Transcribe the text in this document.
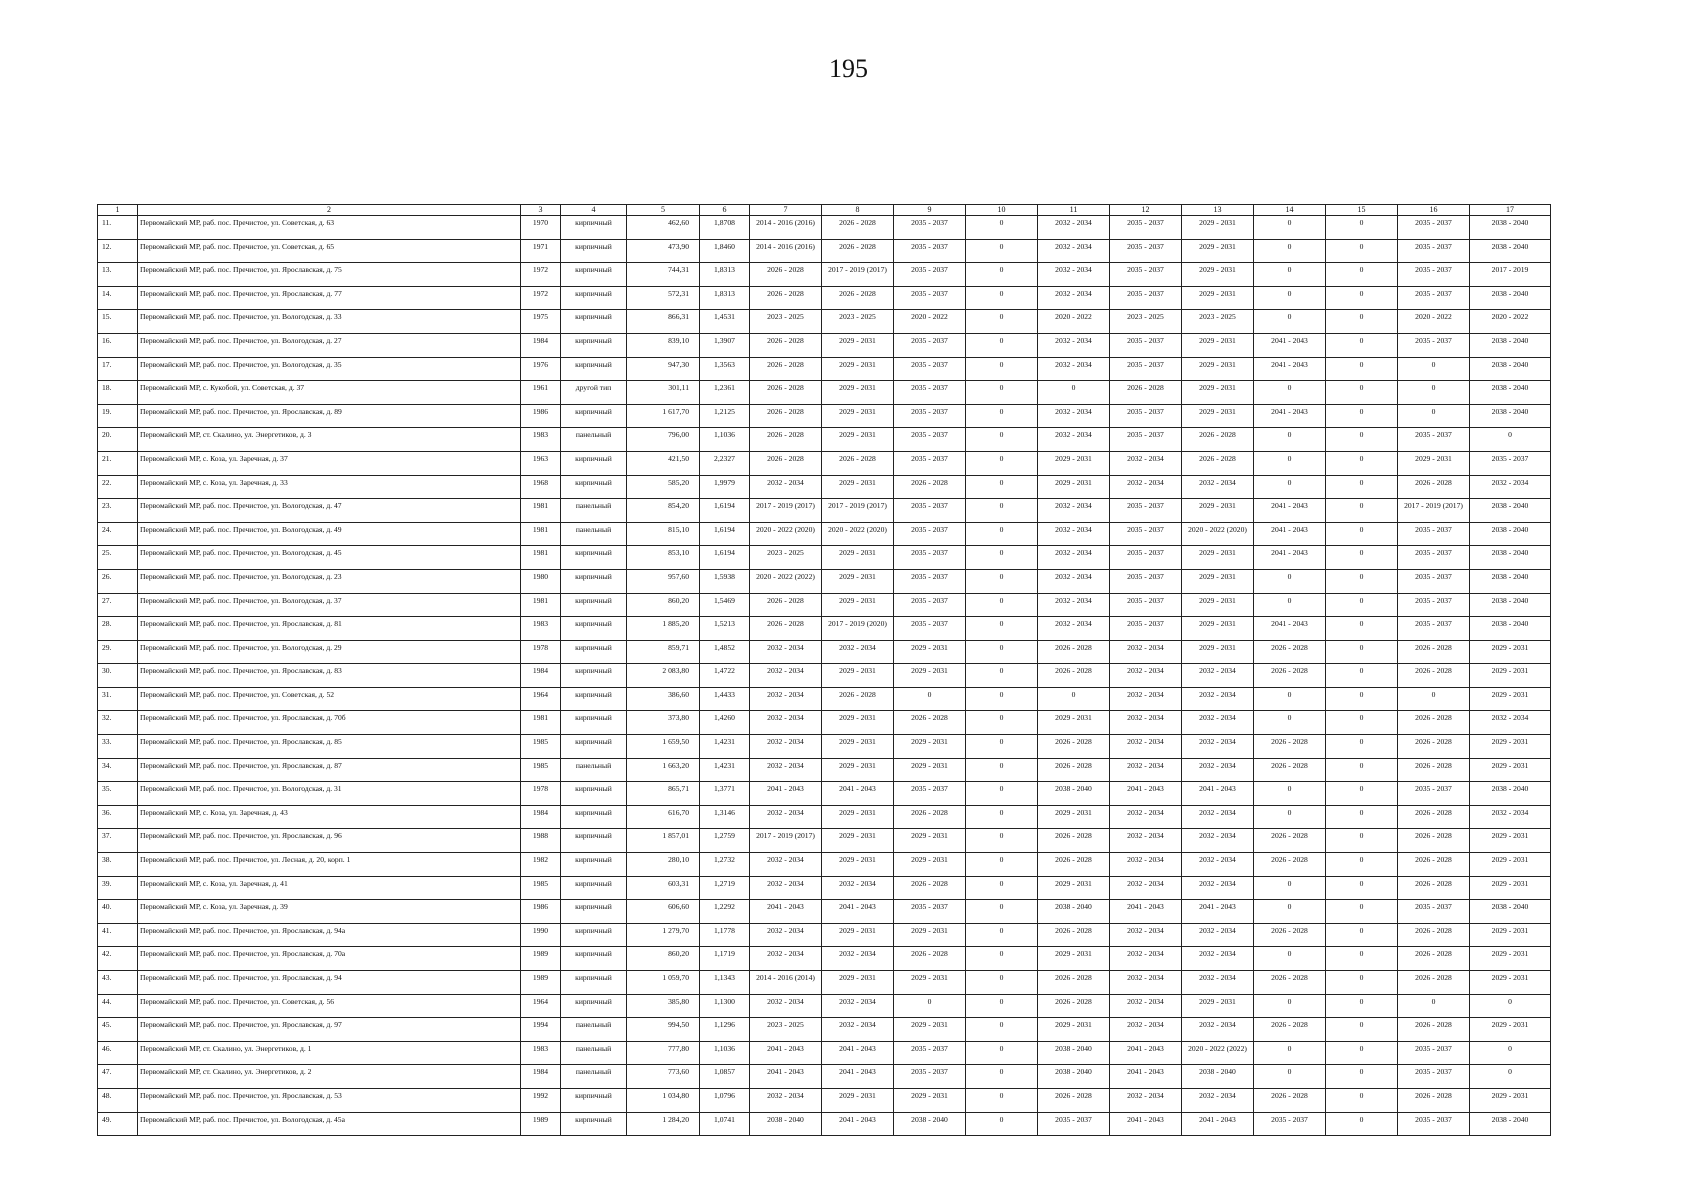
195
1	2	3	4	5	6	7	8	9	10	11	12	13	14	15	16	17
11.	Первомайский МР, раб. пос. Пречистое, ул. Советская, д. 63	1970	кирпичный	462,60	1,8708	2014 - 2016 (2016)	2026 - 2028	2035 - 2037	0	2032 - 2034	2035 - 2037	2029 - 2031	0	0	2035 - 2037	2038 - 2040
12.	Первомайский МР, раб. пос. Пречистое, ул. Советская, д. 65	1971	кирпичный	473,90	1,8460	2014 - 2016 (2016)	2026 - 2028	2035 - 2037	0	2032 - 2034	2035 - 2037	2029 - 2031	0	0	2035 - 2037	2038 - 2040
13.	Первомайский МР, раб. пос. Пречистое, ул. Ярославская, д. 75	1972	кирпичный	744,31	1,8313	2026 - 2028	2017 - 2019 (2017)	2035 - 2037	0	2032 - 2034	2035 - 2037	2029 - 2031	0	0	2035 - 2037	2017 - 2019
14.	Первомайский МР, раб. пос. Пречистое, ул. Ярославская, д. 77	1972	кирпичный	572,31	1,8313	2026 - 2028	2026 - 2028	2035 - 2037	0	2032 - 2034	2035 - 2037	2029 - 2031	0	0	2035 - 2037	2038 - 2040
15.	Первомайский МР, раб. пос. Пречистое, ул. Вологодская, д. 33	1975	кирпичный	866,31	1,4531	2023 - 2025	2023 - 2025	2020 - 2022	0	2020 - 2022	2023 - 2025	2023 - 2025	0	0	2020 - 2022	2020 - 2022
16.	Первомайский МР, раб. пос. Пречистое, ул. Вологодская, д. 27	1984	кирпичный	839,10	1,3907	2026 - 2028	2029 - 2031	2035 - 2037	0	2032 - 2034	2035 - 2037	2029 - 2031	2041 - 2043	0	2035 - 2037	2038 - 2040
17.	Первомайский МР, раб. пос. Пречистое, ул. Вологодская, д. 35	1976	кирпичный	947,30	1,3563	2026 - 2028	2029 - 2031	2035 - 2037	0	2032 - 2034	2035 - 2037	2029 - 2031	2041 - 2043	0	0	2038 - 2040
18.	Первомайский МР, с. Кукобой, ул. Советская, д. 37	1961	другой тип	301,11	1,2361	2026 - 2028	2029 - 2031	2035 - 2037	0	0	2026 - 2028	2029 - 2031	0	0	0	2038 - 2040
19.	Первомайский МР, раб. пос. Пречистое, ул. Ярославская, д. 89	1986	кирпичный	1 617,70	1,2125	2026 - 2028	2029 - 2031	2035 - 2037	0	2032 - 2034	2035 - 2037	2029 - 2031	2041 - 2043	0	0	2038 - 2040
20.	Первомайский МР, ст. Скалино, ул. Энергетиков, д. 3	1983	панельный	796,00	1,1036	2026 - 2028	2029 - 2031	2035 - 2037	0	2032 - 2034	2035 - 2037	2026 - 2028	0	0	2035 - 2037	0
21.	Первомайский МР, с. Коза, ул. Заречная, д. 37	1963	кирпичный	421,50	2,2327	2026 - 2028	2026 - 2028	2035 - 2037	0	2029 - 2031	2032 - 2034	2026 - 2028	0	0	2029 - 2031	2035 - 2037
22.	Первомайский МР, с. Коза, ул. Заречная, д. 33	1968	кирпичный	585,20	1,9979	2032 - 2034	2029 - 2031	2026 - 2028	0	2029 - 2031	2032 - 2034	2032 - 2034	0	0	2026 - 2028	2032 - 2034
23.	Первомайский МР, раб. пос. Пречистое, ул. Вологодская, д. 47	1981	панельный	854,20	1,6194	2017 - 2019 (2017)	2017 - 2019 (2017)	2035 - 2037	0	2032 - 2034	2035 - 2037	2029 - 2031	2041 - 2043	0	2017 - 2019 (2017)	2038 - 2040
24.	Первомайский МР, раб. пос. Пречистое, ул. Вологодская, д. 49	1981	панельный	815,10	1,6194	2020 - 2022 (2020)	2020 - 2022 (2020)	2035 - 2037	0	2032 - 2034	2035 - 2037	2020 - 2022 (2020)	2041 - 2043	0	2035 - 2037	2038 - 2040
25.	Первомайский МР, раб. пос. Пречистое, ул. Вологодская, д. 45	1981	кирпичный	853,10	1,6194	2023 - 2025	2029 - 2031	2035 - 2037	0	2032 - 2034	2035 - 2037	2029 - 2031	2041 - 2043	0	2035 - 2037	2038 - 2040
26.	Первомайский МР, раб. пос. Пречистое, ул. Вологодская, д. 23	1980	кирпичный	957,60	1,5938	2020 - 2022 (2022)	2029 - 2031	2035 - 2037	0	2032 - 2034	2035 - 2037	2029 - 2031	0	0	2035 - 2037	2038 - 2040
27.	Первомайский МР, раб. пос. Пречистое, ул. Вологодская, д. 37	1981	кирпичный	860,20	1,5469	2026 - 2028	2029 - 2031	2035 - 2037	0	2032 - 2034	2035 - 2037	2029 - 2031	0	0	2035 - 2037	2038 - 2040
28.	Первомайский МР, раб. пос. Пречистое, ул. Ярославская, д. 81	1983	кирпичный	1 885,20	1,5213	2026 - 2028	2017 - 2019 (2020)	2035 - 2037	0	2032 - 2034	2035 - 2037	2029 - 2031	2041 - 2043	0	2035 - 2037	2038 - 2040
29.	Первомайский МР, раб. пос. Пречистое, ул. Вологодская, д. 29	1978	кирпичный	859,71	1,4852	2032 - 2034	2032 - 2034	2029 - 2031	0	2026 - 2028	2032 - 2034	2029 - 2031	2026 - 2028	0	2026 - 2028	2029 - 2031
30.	Первомайский МР, раб. пос. Пречистое, ул. Ярославская, д. 83	1984	кирпичный	2 083,80	1,4722	2032 - 2034	2029 - 2031	2029 - 2031	0	2026 - 2028	2032 - 2034	2032 - 2034	2026 - 2028	0	2026 - 2028	2029 - 2031
31.	Первомайский МР, раб. пос. Пречистое, ул. Советская, д. 52	1964	кирпичный	386,60	1,4433	2032 - 2034	2026 - 2028	0	0	0	2032 - 2034	2032 - 2034	0	0	0	2029 - 2031
32.	Первомайский МР, раб. пос. Пречистое, ул. Ярославская, д. 70б	1981	кирпичный	373,80	1,4260	2032 - 2034	2029 - 2031	2026 - 2028	0	2029 - 2031	2032 - 2034	2032 - 2034	0	0	2026 - 2028	2032 - 2034
33.	Первомайский МР, раб. пос. Пречистое, ул. Ярославская, д. 85	1985	кирпичный	1 659,50	1,4231	2032 - 2034	2029 - 2031	2029 - 2031	0	2026 - 2028	2032 - 2034	2032 - 2034	2026 - 2028	0	2026 - 2028	2029 - 2031
34.	Первомайский МР, раб. пос. Пречистое, ул. Ярославская, д. 87	1985	панельный	1 663,20	1,4231	2032 - 2034	2029 - 2031	2029 - 2031	0	2026 - 2028	2032 - 2034	2032 - 2034	2026 - 2028	0	2026 - 2028	2029 - 2031
35.	Первомайский МР, раб. пос. Пречистое, ул. Вологодская, д. 31	1978	кирпичный	865,71	1,3771	2041 - 2043	2041 - 2043	2035 - 2037	0	2038 - 2040	2041 - 2043	2041 - 2043	0	0	2035 - 2037	2038 - 2040
36.	Первомайский МР, с. Коза, ул. Заречная, д. 43	1984	кирпичный	616,70	1,3146	2032 - 2034	2029 - 2031	2026 - 2028	0	2029 - 2031	2032 - 2034	2032 - 2034	0	0	2026 - 2028	2032 - 2034
37.	Первомайский МР, раб. пос. Пречистое, ул. Ярославская, д. 96	1988	кирпичный	1 857,01	1,2759	2017 - 2019 (2017)	2029 - 2031	2029 - 2031	0	2026 - 2028	2032 - 2034	2032 - 2034	2026 - 2028	0	2026 - 2028	2029 - 2031
38.	Первомайский МР, раб. пос. Пречистое, ул. Лесная, д. 20, корп. 1	1982	кирпичный	280,10	1,2732	2032 - 2034	2029 - 2031	2029 - 2031	0	2026 - 2028	2032 - 2034	2032 - 2034	2026 - 2028	0	2026 - 2028	2029 - 2031
39.	Первомайский МР, с. Коза, ул. Заречная, д. 41	1985	кирпичный	603,31	1,2719	2032 - 2034	2032 - 2034	2026 - 2028	0	2029 - 2031	2032 - 2034	2032 - 2034	0	0	2026 - 2028	2029 - 2031
40.	Первомайский МР, с. Коза, ул. Заречная, д. 39	1986	кирпичный	606,60	1,2292	2041 - 2043	2041 - 2043	2035 - 2037	0	2038 - 2040	2041 - 2043	2041 - 2043	0	0	2035 - 2037	2038 - 2040
41.	Первомайский МР, раб. пос. Пречистое, ул. Ярославская, д. 94а	1990	кирпичный	1 279,70	1,1778	2032 - 2034	2029 - 2031	2029 - 2031	0	2026 - 2028	2032 - 2034	2032 - 2034	2026 - 2028	0	2026 - 2028	2029 - 2031
42.	Первомайский МР, раб. пос. Пречистое, ул. Ярославская, д. 70а	1989	кирпичный	860,20	1,1719	2032 - 2034	2032 - 2034	2026 - 2028	0	2029 - 2031	2032 - 2034	2032 - 2034	0	0	2026 - 2028	2029 - 2031
43.	Первомайский МР, раб. пос. Пречистое, ул. Ярославская, д. 94	1989	кирпичный	1 059,70	1,1343	2014 - 2016 (2014)	2029 - 2031	2029 - 2031	0	2026 - 2028	2032 - 2034	2032 - 2034	2026 - 2028	0	2026 - 2028	2029 - 2031
44.	Первомайский МР, раб. пос. Пречистое, ул. Советская, д. 56	1964	кирпичный	385,80	1,1300	2032 - 2034	2032 - 2034	0	0	2026 - 2028	2032 - 2034	2029 - 2031	0	0	0	0
45.	Первомайский МР, раб. пос. Пречистое, ул. Ярославская, д. 97	1994	панельный	994,50	1,1296	2023 - 2025	2032 - 2034	2029 - 2031	0	2029 - 2031	2032 - 2034	2032 - 2034	2026 - 2028	0	2026 - 2028	2029 - 2031
46.	Первомайский МР, ст. Скалино, ул. Энергетиков, д. 1	1983	панельный	777,80	1,1036	2041 - 2043	2041 - 2043	2035 - 2037	0	2038 - 2040	2041 - 2043	2020 - 2022 (2022)	0	0	2035 - 2037	0
47.	Первомайский МР, ст. Скалино, ул. Энергетиков, д. 2	1984	панельный	773,60	1,0857	2041 - 2043	2041 - 2043	2035 - 2037	0	2038 - 2040	2041 - 2043	2038 - 2040	0	0	2035 - 2037	0
48.	Первомайский МР, раб. пос. Пречистое, ул. Ярославская, д. 53	1992	кирпичный	1 034,80	1,0796	2032 - 2034	2029 - 2031	2029 - 2031	0	2026 - 2028	2032 - 2034	2032 - 2034	2026 - 2028	0	2026 - 2028	2029 - 2031
49.	Первомайский МР, раб. пос. Пречистое, ул. Вологодская, д. 45а	1989	кирпичный	1 284,20	1,0741	2038 - 2040	2041 - 2043	2038 - 2040	0	2035 - 2037	2041 - 2043	2041 - 2043	2035 - 2037	0	2035 - 2037	2038 - 2040
